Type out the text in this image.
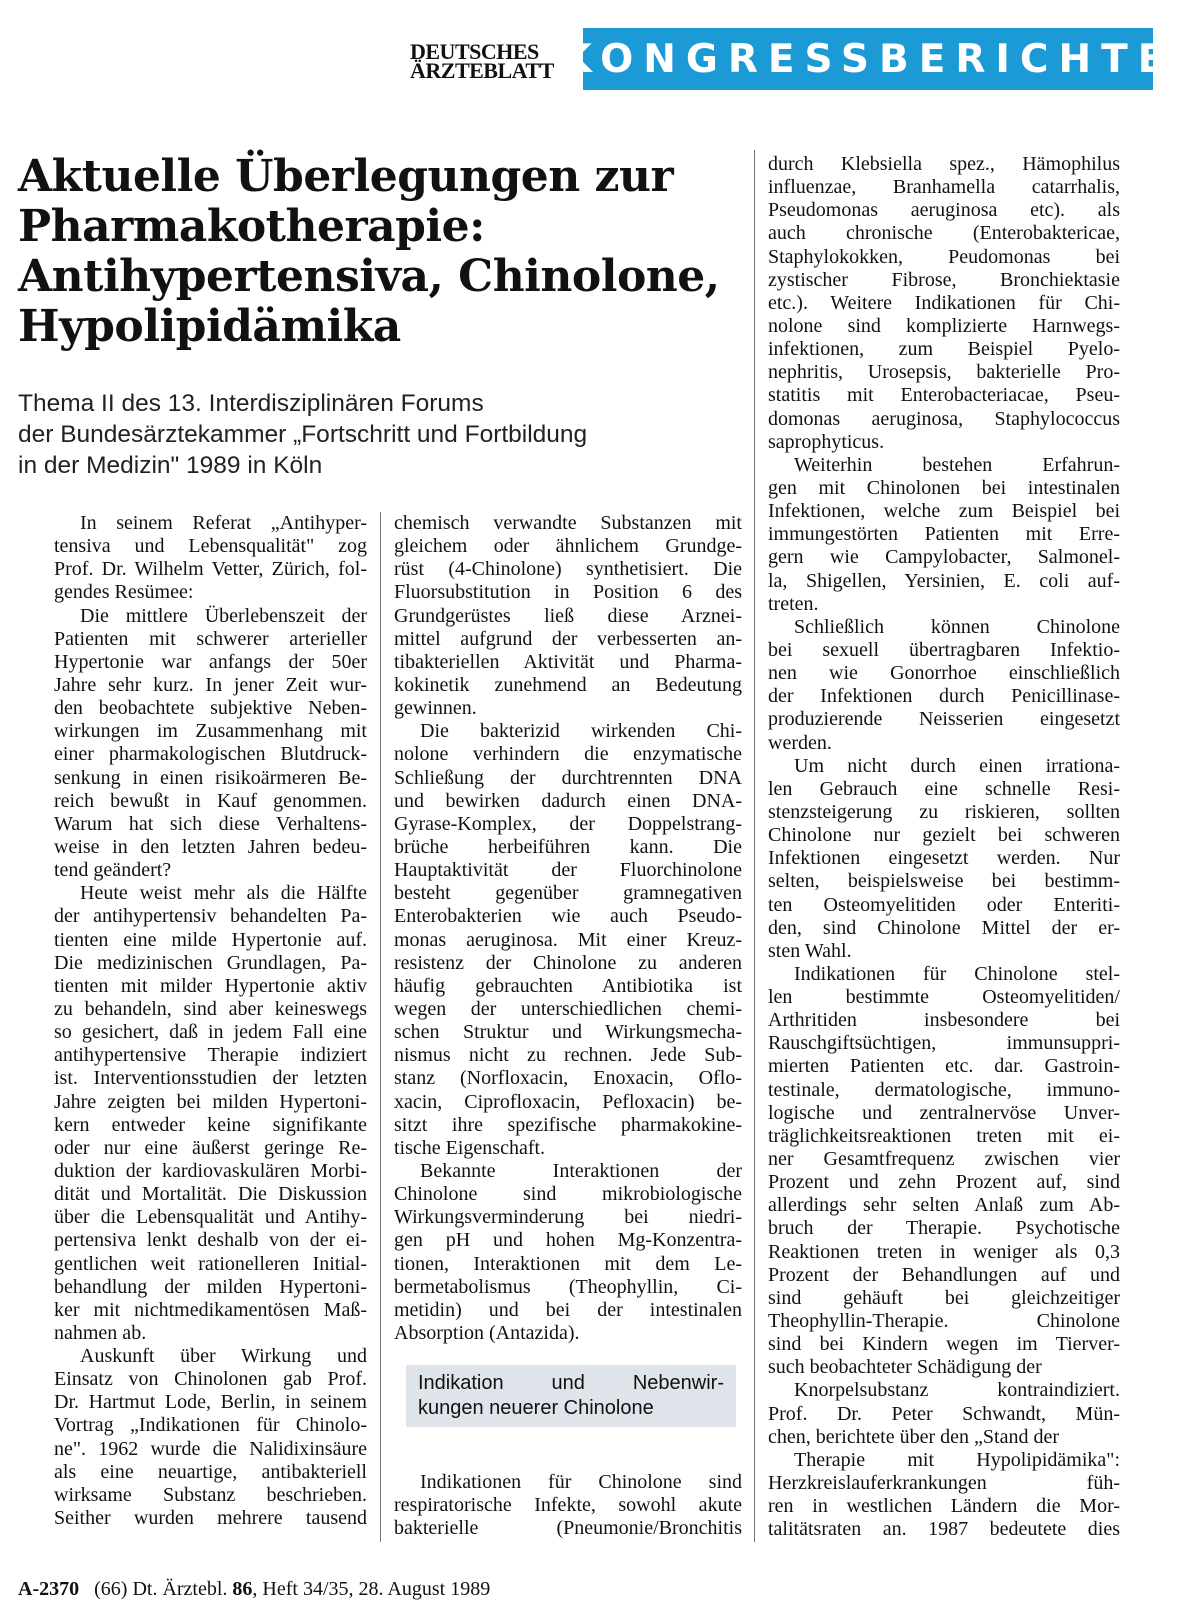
DEUTSCHES
ÄRZTEBLATT KONGRESSBERICHTE
Aktuelle Überlegungen zur
Pharmakotherapie:
Antihypertensiva, Chinolone,
Hypolipidämika
Thema II des 13. Interdisziplinären Forums
der Bundesärztekammer „Fortschritt und Fortbildung
in der Medizin" 1989 in Köln
In seinem Referat „Antihyper-
tensiva und Lebensqualität" zog
Prof. Dr. Wilhelm Vetter, Zürich, fol-
gendes Resümee:
Die mittlere Überlebenszeit der
Patienten mit schwerer arterieller
Hypertonie war anfangs der 50er
Jahre sehr kurz. In jener Zeit wur-
den beobachtete subjektive Neben-
wirkungen im Zusammenhang mit
einer pharmakologischen Blutdruck-
senkung in einen risikoärmeren Be-
reich bewußt in Kauf genommen.
Warum hat sich diese Verhaltens-
weise in den letzten Jahren bedeu-
tend geändert?
Heute weist mehr als die Hälfte
der antihypertensiv behandelten Pa-
tienten eine milde Hypertonie auf.
Die medizinischen Grundlagen, Pa-
tienten mit milder Hypertonie aktiv
zu behandeln, sind aber keineswegs
so gesichert, daß in jedem Fall eine
antihypertensive Therapie indiziert
ist. Interventionsstudien der letzten
Jahre zeigten bei milden Hypertoni-
kern entweder keine signifikante
oder nur eine äußerst geringe Re-
duktion der kardiovaskulären Morbi-
dität und Mortalität. Die Diskussion
über die Lebensqualität und Antihy-
pertensiva lenkt deshalb von der ei-
gentlichen weit rationelleren Initial-
behandlung der milden Hypertoni-
ker mit nichtmedikamentösen Maß-
nahmen ab.
Auskunft über Wirkung und
Einsatz von Chinolonen gab Prof.
Dr. Hartmut Lode, Berlin, in seinem
Vortrag „Indikationen für Chinolo-
ne". 1962 wurde die Nalidixinsäure
als eine neuartige, antibakteriell
wirksame Substanz beschrieben.
Seither wurden mehrere tausend
chemisch verwandte Substanzen mit
gleichem oder ähnlichem Grundge-
rüst (4-Chinolone) synthetisiert. Die
Fluorsubstitution in Position 6 des
Grundgerüstes ließ diese Arznei-
mittel aufgrund der verbesserten an-
tibakteriellen Aktivität und Pharma-
kokinetik zunehmend an Bedeutung
gewinnen.
Die bakterizid wirkenden Chi-
nolone verhindern die enzymatische
Schließung der durchtrennten DNA
und bewirken dadurch einen DNA-
Gyrase-Komplex, der Doppelstrang-
brüche herbeiführen kann. Die
Hauptaktivität der Fluorchinolone
besteht gegenüber gramnegativen
Enterobakterien wie auch Pseudo-
monas aeruginosa. Mit einer Kreuz-
resistenz der Chinolone zu anderen
häufig gebrauchten Antibiotika ist
wegen der unterschiedlichen chemi-
schen Struktur und Wirkungsmecha-
nismus nicht zu rechnen. Jede Sub-
stanz (Norfloxacin, Enoxacin, Oflo-
xacin, Ciprofloxacin, Pefloxacin) be-
sitzt ihre spezifische pharmakokine-
tische Eigenschaft.
Bekannte Interaktionen der
Chinolone sind mikrobiologische
Wirkungsverminderung bei niedri-
gen pH und hohen Mg-Konzentra-
tionen, Interaktionen mit dem Le-
bermetabolismus (Theophyllin, Ci-
metidin) und bei der intestinalen
Absorption (Antazida).
durch Klebsiella spez., Hämophilus
influenzae, Branhamella catarrhalis,
Pseudomonas aeruginosa etc). als
auch chronische (Enterobaktericae,
Staphylokokken, Peudomonas bei
zystischer Fibrose, Bronchiektasie
etc.). Weitere Indikationen für Chi-
nolone sind komplizierte Harnwegs-
infektionen, zum Beispiel Pyelo-
nephritis, Urosepsis, bakterielle Pro-
statitis mit Enterobacteriacae, Pseu-
domonas aeruginosa, Staphylococcus
saprophyticus.
Weiterhin bestehen Erfahrun-
gen mit Chinolonen bei intestinalen
Infektionen, welche zum Beispiel bei
immungestörten Patienten mit Erre-
gern wie Campylobacter, Salmonel-
la, Shigellen, Yersinien, E. coli auf-
treten.
Schließlich können Chinolone
bei sexuell übertragbaren Infektio-
nen wie Gonorrhoe einschließlich
der Infektionen durch Penicillinase-
produzierende Neisserien eingesetzt
werden.
Um nicht durch einen irrationa-
len Gebrauch eine schnelle Resi-
stenzsteigerung zu riskieren, sollten
Chinolone nur gezielt bei schweren
Infektionen eingesetzt werden. Nur
selten, beispielsweise bei bestimm-
ten Osteomyelitiden oder Enteriti-
den, sind Chinolone Mittel der er-
sten Wahl.
Indikationen für Chinolone stel-
len bestimmte Osteomyelitiden/
Arthritiden insbesondere bei
Rauschgiftsüchtigen, immunsuppri-
mierten Patienten etc. dar. Gastroin-
testinale, dermatologische, immuno-
logische und zentralnervöse Unver-
träglichkeitsreaktionen treten mit ei-
ner Gesamtfrequenz zwischen vier
Prozent und zehn Prozent auf, sind
allerdings sehr selten Anlaß zum Ab-
bruch der Therapie. Psychotische
Reaktionen treten in weniger als 0,3
Prozent der Behandlungen auf und
sind gehäuft bei gleichzeitiger
Theophyllin-Therapie. Chinolone
sind bei Kindern wegen im Tierver-
such beobachteter Schädigung der
Knorpelsubstanz kontraindiziert.
Prof. Dr. Peter Schwandt, Mün-
chen, berichtete über den „Stand der
Therapie mit Hypolipidämika":
Herzkreislauferkrankungen füh-
ren in westlichen Ländern die Mor-
talitätsraten an. 1987 bedeutete dies
Indikation und Nebenwir-
kungen neuerer Chinolone
Indikationen für Chinolone sind
respiratorische Infekte, sowohl akute
bakterielle (Pneumonie/Bronchitis
A-2370 (66) Dt. Ärztebl. 86, Heft 34/35, 28. August 1989
